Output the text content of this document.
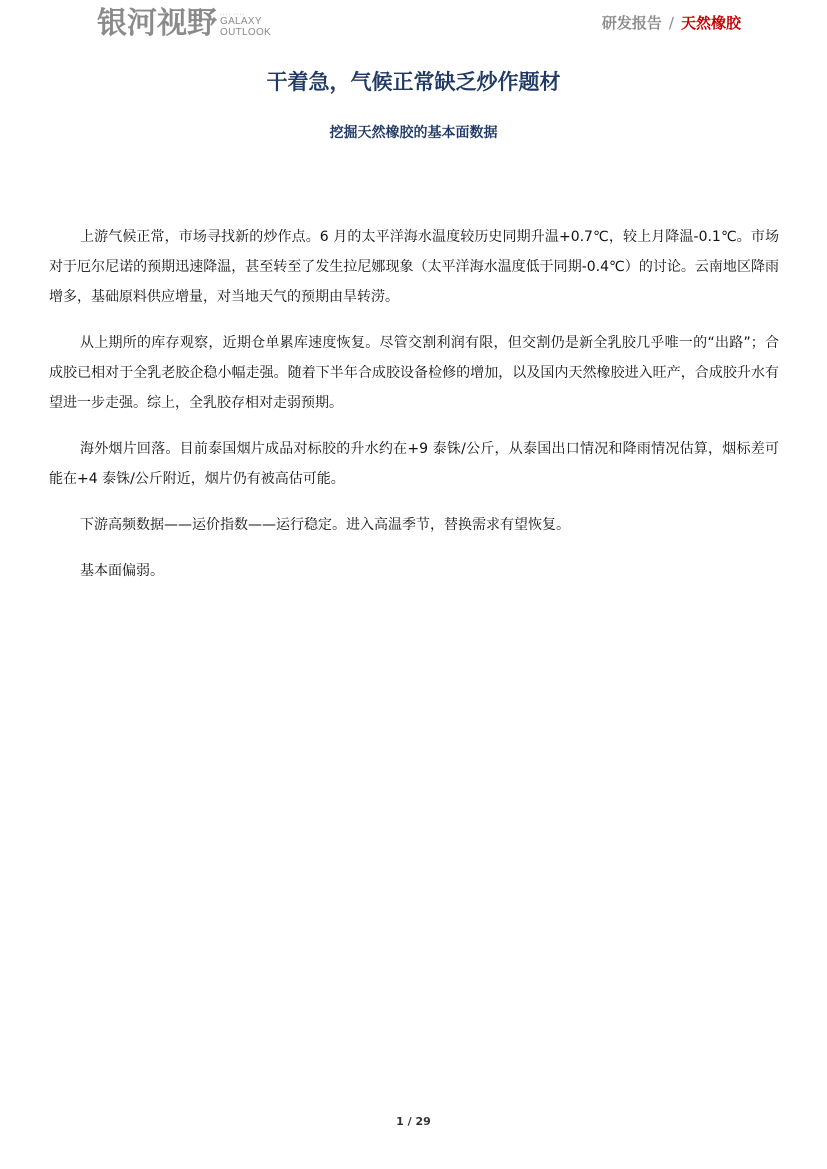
银河视野 •••• ••••
GALAXY
OUTLOOK
研发报告 / 天然橡胶
干着急，气候正常缺乏炒作题材
挖掘天然橡胶的基本面数据

上游气候正常，市场寻找新的炒作点。6 月的太平洋海水温度较历史同期升温+0.7℃，较上月降温-0.1℃。市场对于厄尔尼诺的预期迅速降温，甚至转至了发生拉尼娜现象（太平洋海水温度低于同期-0.4℃）的讨论。云南地区降雨增多，基础原料供应增量，对当地天气的预期由旱转涝。

从上期所的库存观察，近期仓单累库速度恢复。尽管交割利润有限，但交割仍是新全乳胶几乎唯一的“出路”；合成胶已相对于全乳老胶企稳小幅走强。随着下半年合成胶设备检修的增加，以及国内天然橡胶进入旺产，合成胶升水有望进一步走强。综上，全乳胶存相对走弱预期。

海外烟片回落。目前泰国烟片成品对标胶的升水约在+9 泰铢/公斤，从泰国出口情况和降雨情况估算，烟标差可能在+4 泰铢/公斤附近，烟片仍有被高估可能。

下游高频数据——运价指数——运行稳定。进入高温季节，替换需求有望恢复。

基本面偏弱。

1 / 29
